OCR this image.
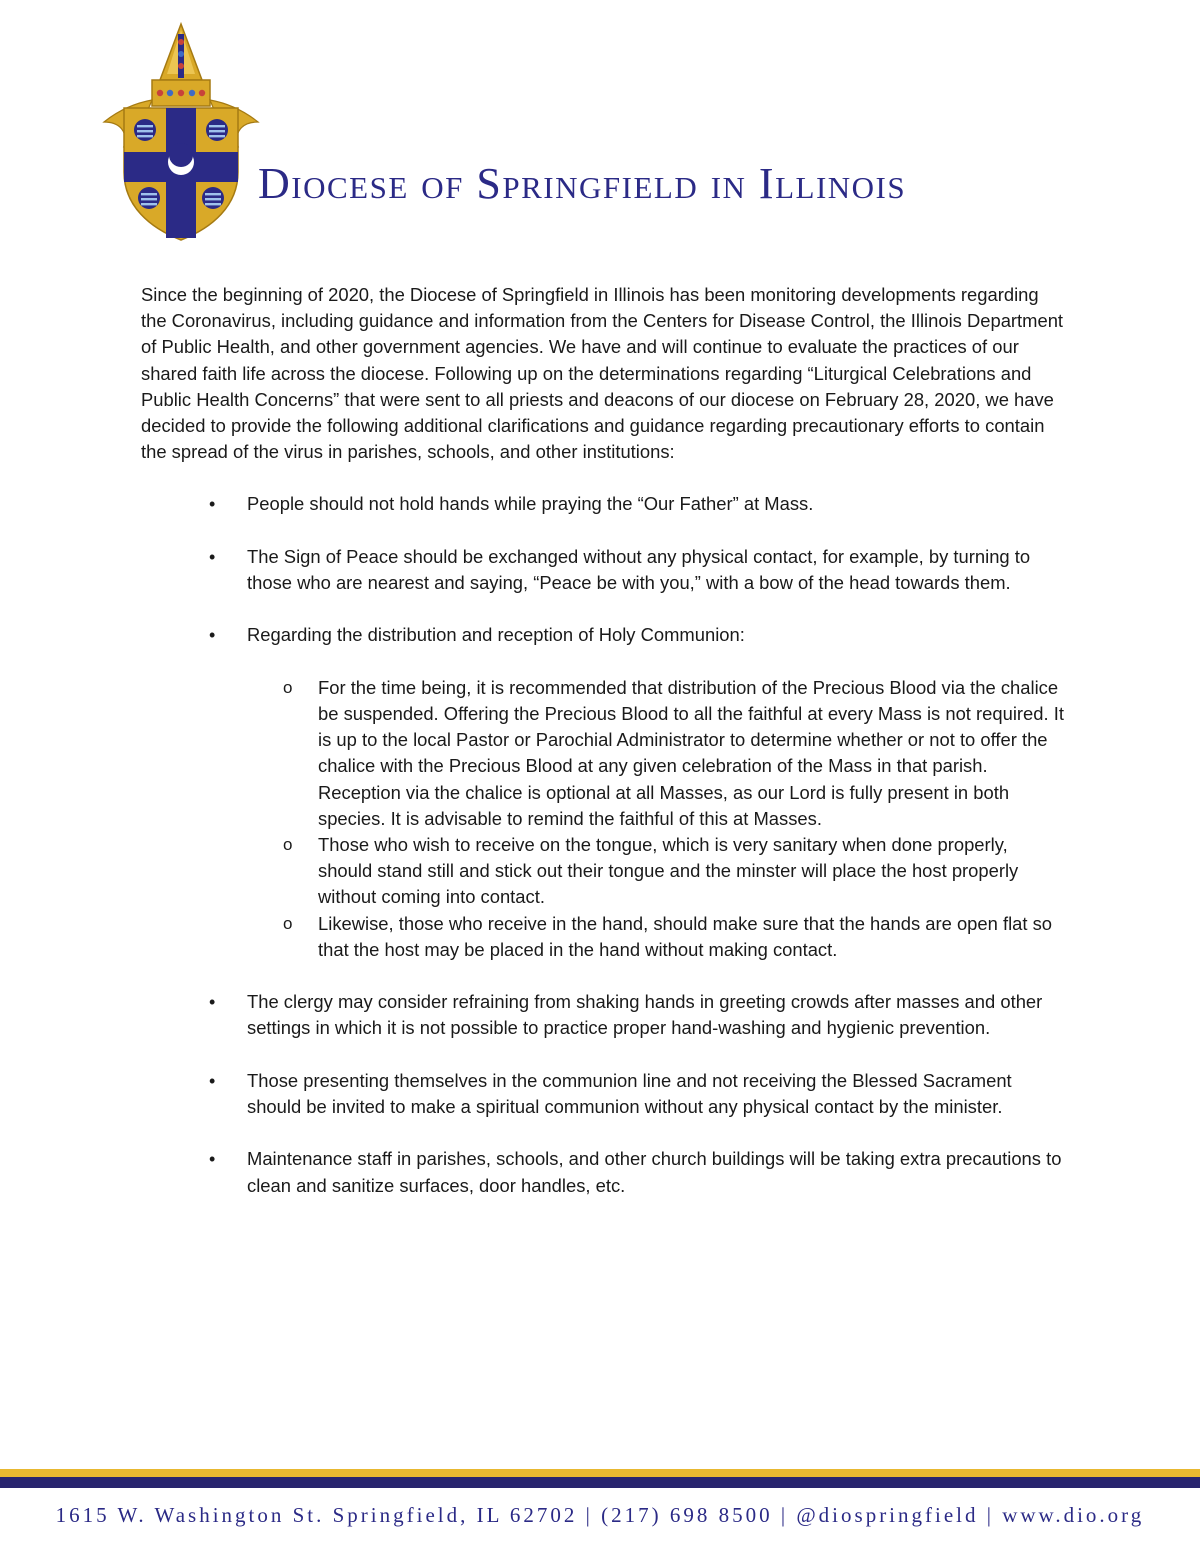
Diocese of Springfield in Illinois

Since the beginning of 2020, the Diocese of Springfield in Illinois has been monitoring developments regarding the Coronavirus, including guidance and information from the Centers for Disease Control, the Illinois Department of Public Health, and other government agencies. We have and will continue to evaluate the practices of our shared faith life across the diocese. Following up on the determinations regarding “Liturgical Celebrations and Public Health Concerns” that were sent to all priests and deacons of our diocese on February 28, 2020, we have decided to provide the following additional clarifications and guidance regarding precautionary efforts to contain the spread of the virus in parishes, schools, and other institutions:

• People should not hold hands while praying the “Our Father” at Mass.
• The Sign of Peace should be exchanged without any physical contact, for example, by turning to those who are nearest and saying, “Peace be with you,” with a bow of the head towards them.
• Regarding the distribution and reception of Holy Communion:
o For the time being, it is recommended that distribution of the Precious Blood via the chalice be suspended. Offering the Precious Blood to all the faithful at every Mass is not required. It is up to the local Pastor or Parochial Administrator to determine whether or not to offer the chalice with the Precious Blood at any given celebration of the Mass in that parish. Reception via the chalice is optional at all Masses, as our Lord is fully present in both species. It is advisable to remind the faithful of this at Masses.
o Those who wish to receive on the tongue, which is very sanitary when done properly, should stand still and stick out their tongue and the minster will place the host properly without coming into contact.
o Likewise, those who receive in the hand, should make sure that the hands are open flat so that the host may be placed in the hand without making contact.
• The clergy may consider refraining from shaking hands in greeting crowds after masses and other settings in which it is not possible to practice proper hand-washing and hygienic prevention.
• Those presenting themselves in the communion line and not receiving the Blessed Sacrament should be invited to make a spiritual communion without any physical contact by the minister.
• Maintenance staff in parishes, schools, and other church buildings will be taking extra precautions to clean and sanitize surfaces, door handles, etc.
1615 W. Washington St. Springfield, IL 62702 | (217) 698 8500 | @diospringfield | www.dio.org
